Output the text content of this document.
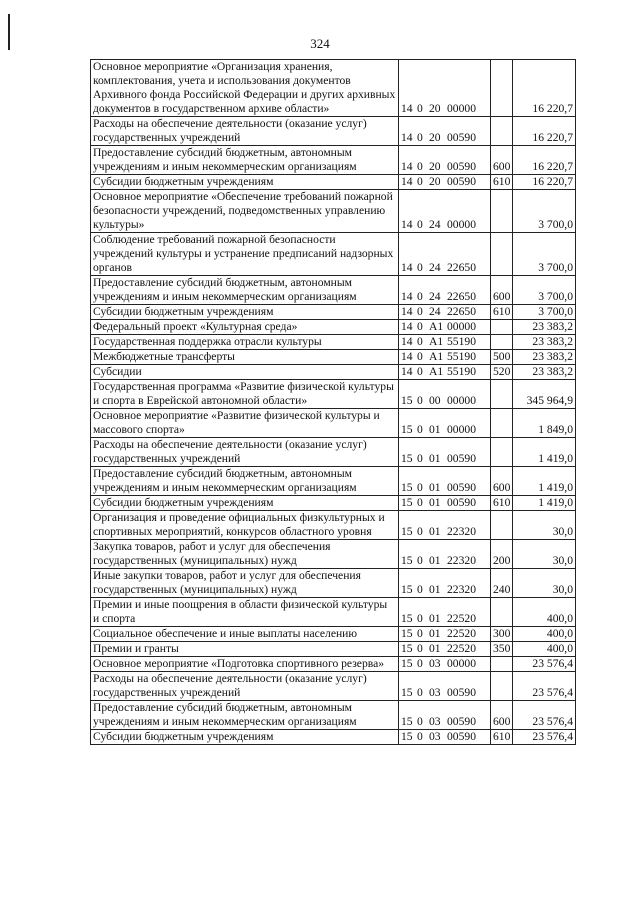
324
Основное мероприятие «Организация хранения, комплектования, учета и использования документов Архивного фонда Российской Федерации и других архивных документов в государственном архиве области»	14 0 20 00000		16 220,7
Расходы на обеспечение деятельности (оказание услуг) государственных учреждений	14 0 20 00590		16 220,7
Предоставление субсидий бюджетным, автономным учреждениям и иным некоммерческим организациям	14 0 20 00590	600	16 220,7
Субсидии бюджетным учреждениям	14 0 20 00590	610	16 220,7
Основное мероприятие «Обеспечение требований пожарной безопасности учреждений, подведомственных управлению культуры»	14 0 24 00000		3 700,0
Соблюдение требований пожарной безопасности учреждений культуры и устранение предписаний надзорных органов	14 0 24 22650		3 700,0
Предоставление субсидий бюджетным, автономным учреждениям и иным некоммерческим организациям	14 0 24 22650	600	3 700,0
Субсидии бюджетным учреждениям	14 0 24 22650	610	3 700,0
Федеральный проект «Культурная среда»	14 0 A1 00000		23 383,2
Государственная поддержка отрасли культуры	14 0 A1 55190		23 383,2
Межбюджетные трансферты	14 0 A1 55190	500	23 383,2
Субсидии	14 0 A1 55190	520	23 383,2
Государственная программа «Развитие физической культуры и спорта в Еврейской автономной области»	15 0 00 00000		345 964,9
Основное мероприятие «Развитие физической культуры и массового спорта»	15 0 01 00000		1 849,0
Расходы на обеспечение деятельности (оказание услуг) государственных учреждений	15 0 01 00590		1 419,0
Предоставление субсидий бюджетным, автономным учреждениям и иным некоммерческим организациям	15 0 01 00590	600	1 419,0
Субсидии бюджетным учреждениям	15 0 01 00590	610	1 419,0
Организация и проведение официальных физкультурных и спортивных мероприятий, конкурсов областного уровня	15 0 01 22320		30,0
Закупка товаров, работ и услуг для обеспечения государственных (муниципальных) нужд	15 0 01 22320	200	30,0
Иные закупки товаров, работ и услуг для обеспечения государственных (муниципальных) нужд	15 0 01 22320	240	30,0
Премии и иные поощрения в области физической культуры и спорта	15 0 01 22520		400,0
Социальное обеспечение и иные выплаты населению	15 0 01 22520	300	400,0
Премии и гранты	15 0 01 22520	350	400,0
Основное мероприятие «Подготовка спортивного резерва»	15 0 03 00000		23 576,4
Расходы на обеспечение деятельности (оказание услуг) государственных учреждений	15 0 03 00590		23 576,4
Предоставление субсидий бюджетным, автономным учреждениям и иным некоммерческим организациям	15 0 03 00590	600	23 576,4
Субсидии бюджетным учреждениям	15 0 03 00590	610	23 576,4
